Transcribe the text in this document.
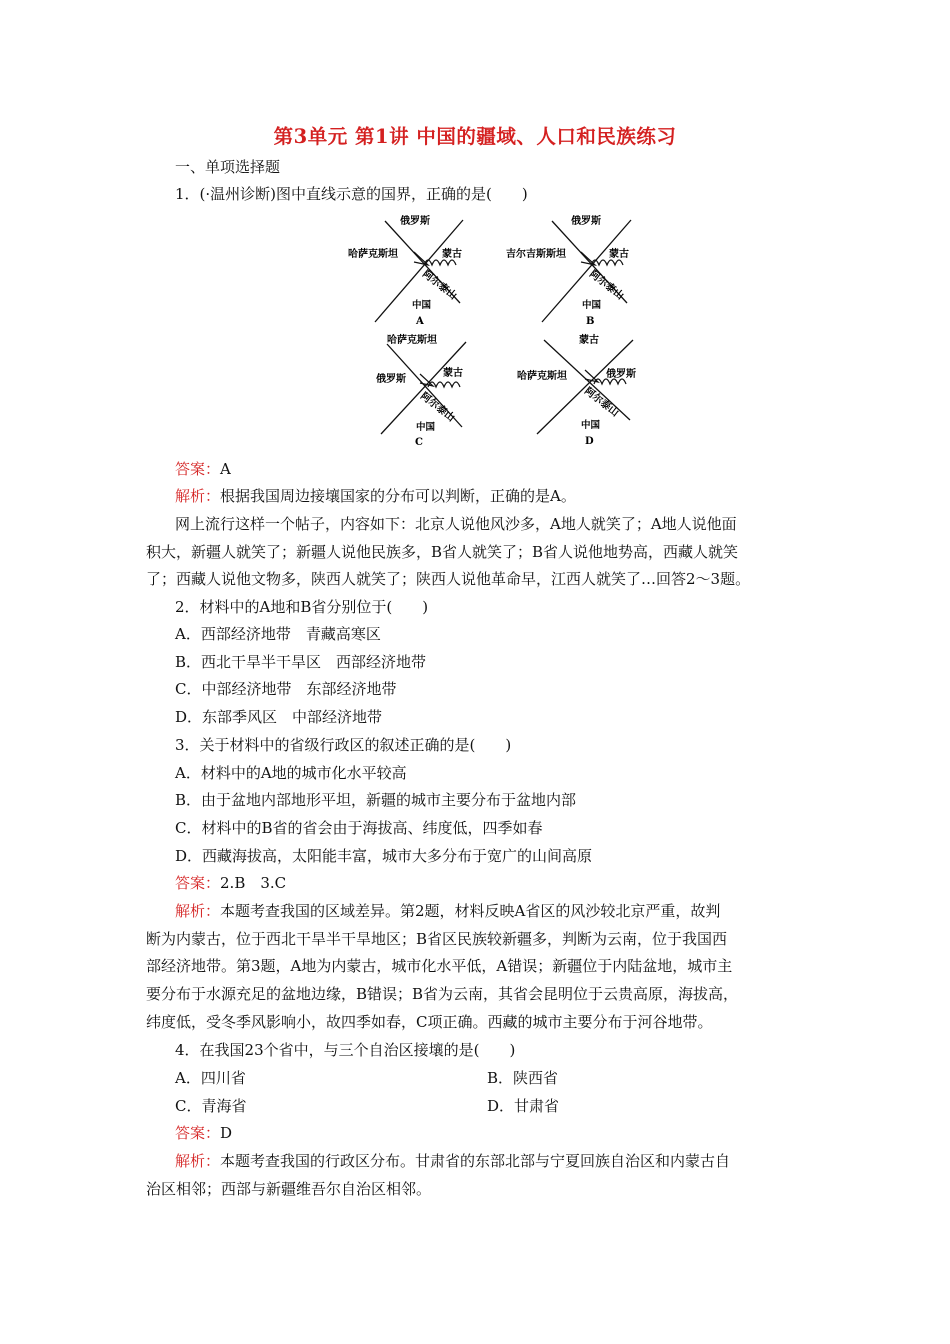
第3单元 第1讲 中国的疆域、人口和民族练习
一、单项选择题
1．(·温州诊断)图中直线示意的国界，正确的是(　　)
俄罗斯
哈萨克斯坦	蒙古
阿尔泰山
中国
A
俄罗斯
吉尔吉斯斯坦	蒙古
阿尔泰山
中国
B
哈萨克斯坦
俄罗斯
蒙古
阿尔泰山
中国
C
蒙古
哈萨克斯坦	俄罗斯
阿尔泰山
中国
D
答案：A
解析：根据我国周边接壤国家的分布可以判断，正确的是A。
网上流行这样一个帖子，内容如下：北京人说他风沙多，A地人就笑了；A地人说他面
积大，新疆人就笑了；新疆人说他民族多，B省人就笑了；B省人说他地势高，西藏人就笑
了；西藏人说他文物多，陕西人就笑了；陕西人说他革命早，江西人就笑了…回答2～3题。
2．材料中的A地和B省分别位于(　　)
A．西部经济地带　青藏高寒区
B．西北干旱半干旱区　西部经济地带
C．中部经济地带　东部经济地带
D．东部季风区　中部经济地带
3．关于材料中的省级行政区的叙述正确的是(　　)
A．材料中的A地的城市化水平较高
B．由于盆地内部地形平坦，新疆的城市主要分布于盆地内部
C．材料中的B省的省会由于海拔高、纬度低，四季如春
D．西藏海拔高，太阳能丰富，城市大多分布于宽广的山间高原
答案：2.B　3.C
解析：本题考查我国的区域差异。第2题，材料反映A省区的风沙较北京严重，故判
断为内蒙古，位于西北干旱半干旱地区；B省区民族较新疆多，判断为云南，位于我国西
部经济地带。第3题，A地为内蒙古，城市化水平低，A错误；新疆位于内陆盆地，城市主
要分布于水源充足的盆地边缘，B错误；B省为云南，其省会昆明位于云贵高原，海拔高，
纬度低，受冬季风影响小，故四季如春，C项正确。西藏的城市主要分布于河谷地带。
4．在我国23个省中，与三个自治区接壤的是(　　)
A．四川省	B．陕西省
C．青海省	D．甘肃省
答案：D
解析：本题考查我国的行政区分布。甘肃省的东部北部与宁夏回族自治区和内蒙古自
治区相邻；西部与新疆维吾尔自治区相邻。
